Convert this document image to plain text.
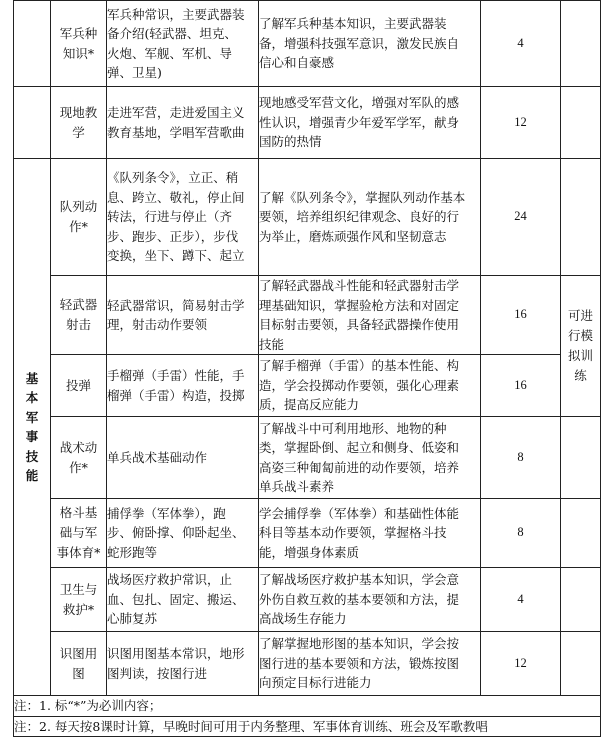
	军兵种知识*	军兵种常识，主要武器装备介绍(轻武器、坦克、火炮、军舰、军机、导弹、卫星)	了解军兵种基本知识，主要武器装备，增强科技强军意识，激发民族自信心和自豪感	4	
	现地教学	走进军营，走进爱国主义教育基地，学唱军营歌曲	现地感受军营文化，增强对军队的感性认识，增强青少年爱军学军，献身国防的热情	12	
基本军事技能	队列动作*	《队列条令》，立正、稍息、跨立、敬礼，停止间转法，行进与停止（齐步、跑步、正步），步伐变换，坐下、蹲下、起立	了解《队列条令》，掌握队列动作基本要领，培养组织纪律观念、良好的行为举止，磨炼顽强作风和坚韧意志	24	
	轻武器射击	轻武器常识，简易射击学理，射击动作要领	了解轻武器战斗性能和轻武器射击学理基础知识，掌握验枪方法和对固定目标射击要领，具备轻武器操作使用技能	16	可进行模拟训练
	投弹	手榴弹（手雷）性能，手榴弹（手雷）构造，投掷	了解手榴弹（手雷）的基本性能、构造，学会投掷动作要领，强化心理素质，提高反应能力	16	
	战术动作*	单兵战术基础动作	了解战斗中可利用地形、地物的种类，掌握卧倒、起立和侧身、低姿和高姿三种匍匐前进的动作要领，培养单兵战斗素养	8	
	格斗基础与军事体育*	捕俘拳（军体拳），跑步、俯卧撑、仰卧起坐、蛇形跑等	学会捕俘拳（军体拳）和基础性体能科目等基本动作要领，掌握格斗技能，增强身体素质	8	
	卫生与救护*	战场医疗救护常识，止血、包扎、固定、搬运、心肺复苏	了解战场医疗救护基本知识，学会意外伤自救互救的基本要领和方法，提高战场生存能力	4	
	识图用图	识图用图基本常识，地形图判读，按图行进	了解掌握地形图的基本知识，学会按图行进的基本要领和方法，锻炼按图向预定目标行进能力	12	
注：1. 标“*”为必训内容；					
注：2. 每天按8课时计算，早晚时间可用于内务整理、军事体育训练、班会及军歌教唱					
